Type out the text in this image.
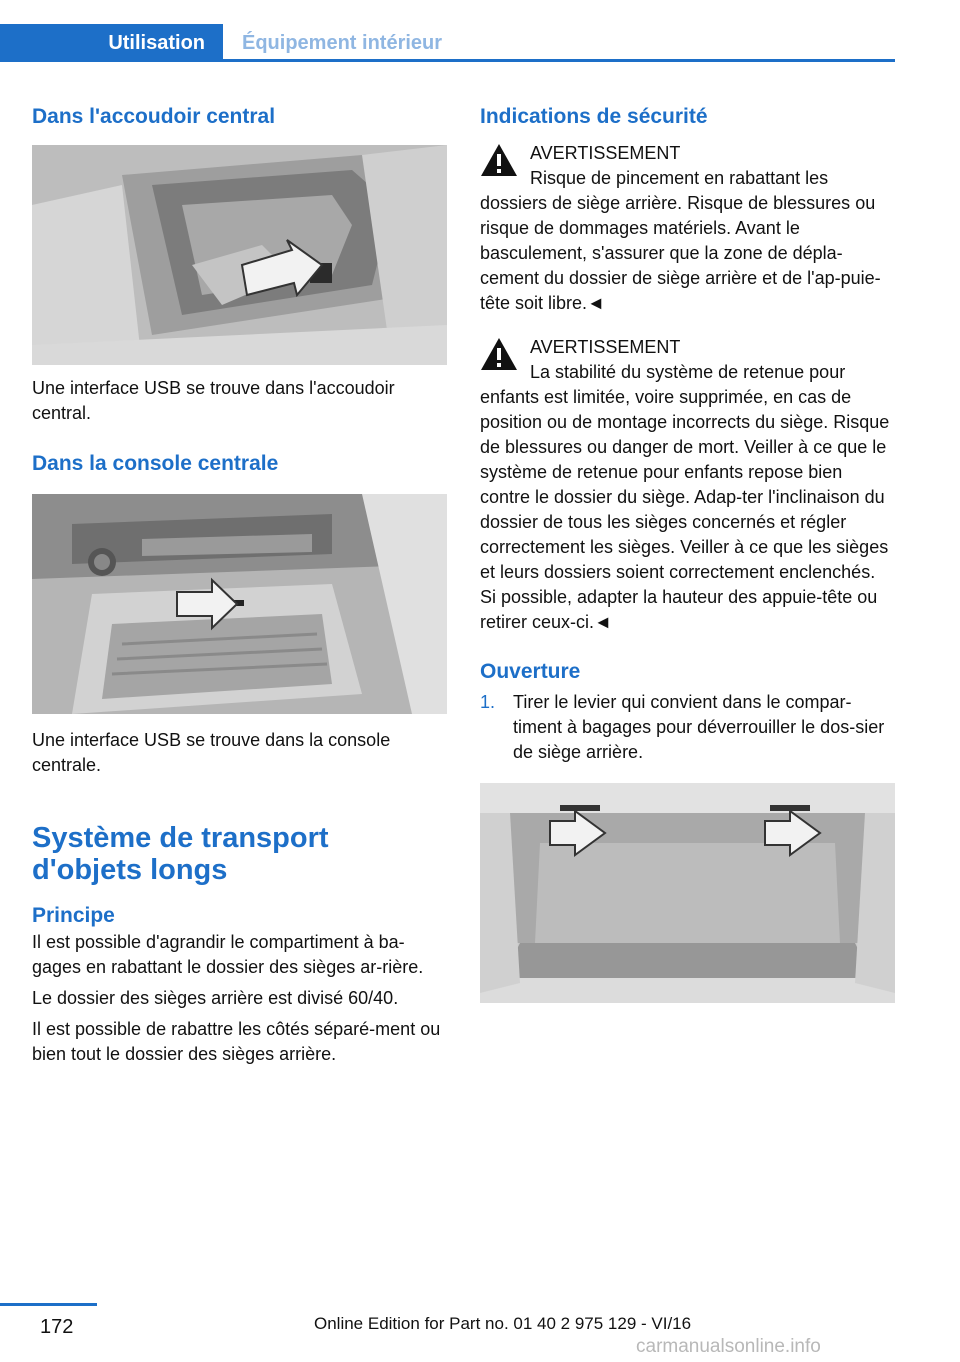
Utilisation	Équipement intérieur
Dans l'accoudoir central

Une interface USB se trouve dans l'accoudoir central.

Dans la console centrale

Une interface USB se trouve dans la console centrale.

Système de transport
d'objets longs
Principe

Il est possible d'agrandir le compartiment à ba-gages en rabattant le dossier des sièges ar-rière.

Le dossier des sièges arrière est divisé 60/40.

Il est possible de rabattre les côtés séparé-ment ou bien tout le dossier des sièges arrière.

Indications de sécurité
AVERTISSEMENT

Risque de pincement en rabattant les

dossiers de siège arrière. Risque de blessures ou risque de dommages matériels. Avant le basculement, s'assurer que la zone de dépla-cement du dossier de siège arrière et de l'ap-puie-tête soit libre.◄

AVERTISSEMENT

La stabilité du système de retenue pour

enfants est limitée, voire supprimée, en cas de position ou de montage incorrects du siège. Risque de blessures ou danger de mort. Veiller à ce que le système de retenue pour enfants repose bien contre le dossier du siège. Adap-ter l'inclinaison du dossier de tous les sièges concernés et régler correctement les sièges. Veiller à ce que les sièges et leurs dossiers soient correctement enclenchés. Si possible, adapter la hauteur des appuie-tête ou retirer ceux-ci.◄

Ouverture
1. Tirer le levier qui convient dans le compar-timent à bagages pour déverrouiller le dos-sier de siège arrière.

172	Online Edition for Part no. 01 40 2 975 129 - VI/16
carmanualsonline.info
